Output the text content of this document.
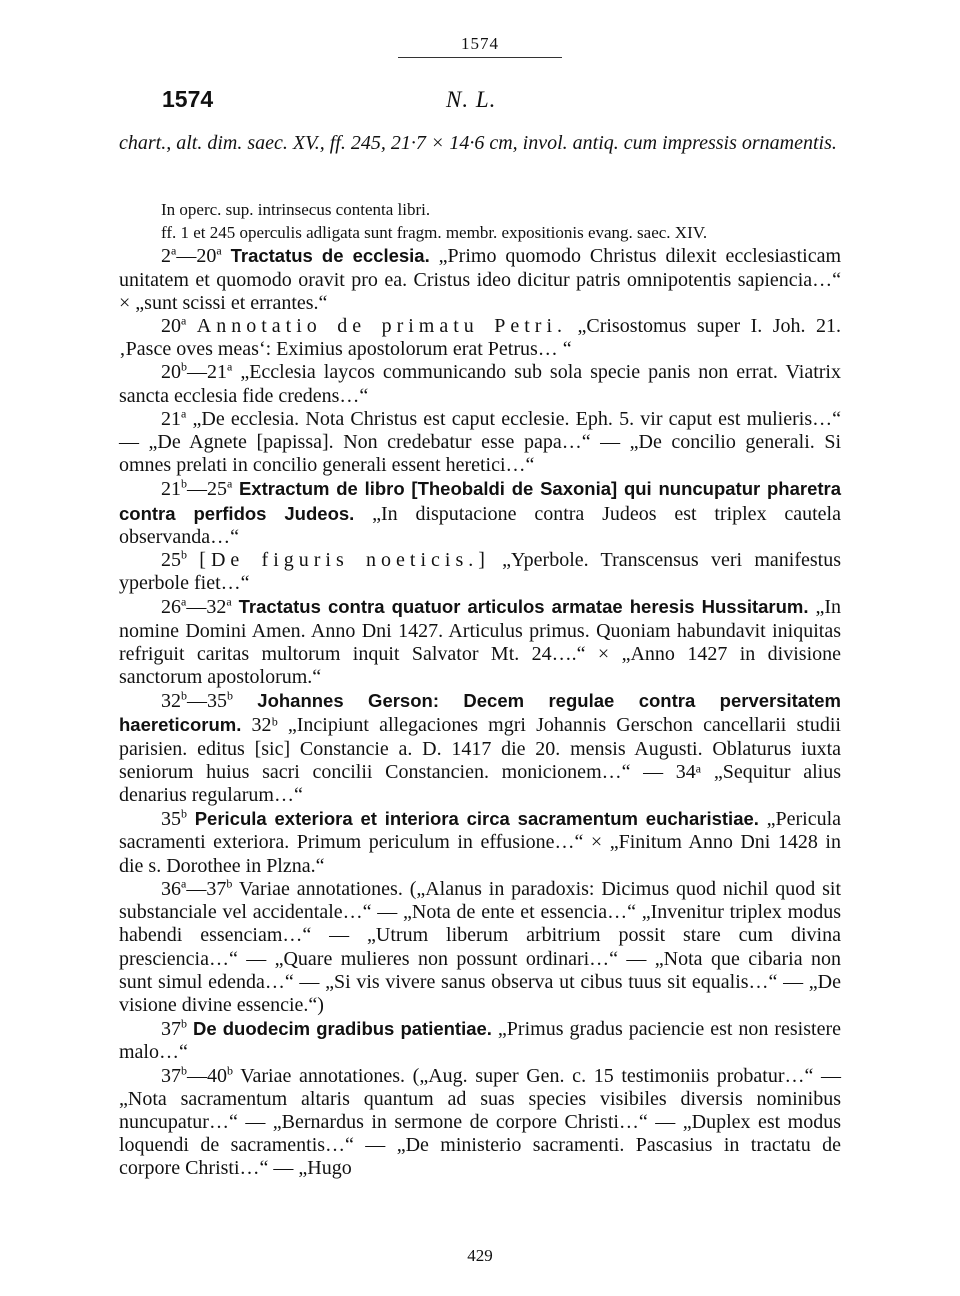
1574
1574	N. L.
chart., alt. dim. saec. XV., ff. 245, 21·7 × 14·6 cm, invol. antiq. cum impressis ornamentis.

In operc. sup. intrinsecus contenta libri.

ff. 1 et 245 operculis adligata sunt fragm. membr. expositionis evang. saec. XIV.

2$^a$—20$^a$ Tractatus de ecclesia. „Primo quomodo Christus dilexit ecclesiasticam unitatem et quomodo oravit pro ea. Cristus ideo dicitur patris omnipotentis sapiencia…“ × „sunt scissi et errantes.“

20$^a$ Annotatio de primatu Petri. „Crisostomus super I. Joh. 21. ‚Pasce oves meas‘: Eximius apostolorum erat Petrus… “

20$^b$—21$^a$ „Ecclesia laycos communicando sub sola specie panis non errat. Viatrix sancta ecclesia fide credens…“

21$^a$ „De ecclesia. Nota Christus est caput ecclesie. Eph. 5. vir caput est mulieris…“ — „De Agnete [papissa]. Non credebatur esse papa…“ — „De concilio generali. Si omnes prelati in concilio generali essent heretici…“

21$^b$—25$^a$ Extractum de libro [Theobaldi de Saxonia] qui nuncupatur pharetra contra perfidos Judeos. „In disputacione contra Judeos est triplex cautela observanda…“

25$^b$ [De figuris noeticis.] „Yperbole. Transcensus veri manifestus yperbole fiet…“

26$^a$—32$^a$ Tractatus contra quatuor articulos armatae heresis Hussitarum. „In nomine Domini Amen. Anno Dni 1427. Articulus primus. Quoniam habundavit iniquitas refriguit caritas multorum inquit Salvator Mt. 24….“ × „Anno 1427 in divisione sanctorum apostolorum.“

32$^b$—35$^b$ Johannes Gerson: Decem regulae contra perversitatem haereticorum. 32ᵇ „Incipiunt allegaciones mgri Johannis Gerschon cancellarii studii parisien. editus [sic] Constancie a. D. 1417 die 20. mensis Augusti. Oblaturus iuxta seniorum huius sacri concilii Constancien. monicionem…“ — 34ᵃ „Sequitur alius denarius regularum…“

35$^b$ Pericula exteriora et interiora circa sacramentum eucharistiae. „Pericula sacramenti exteriora. Primum periculum in effusione…“ × „Finitum Anno Dni 1428 in die s. Dorothee in Plzna.“

36$^a$—37$^b$ Variae annotationes. („Alanus in paradoxis: Dicimus quod nichil quod sit substanciale vel accidentale…“ — „Nota de ente et essencia…“ „Invenitur triplex modus habendi essenciam…“ — „Utrum liberum arbitrium possit stare cum divina presciencia…“ — „Quare mulieres non possunt ordinari…“ — „Nota que cibaria non sunt simul edenda…“ — „Si vis vivere sanus observa ut cibus tuus sit equalis…“ — „De visione divine essencie.“)

37$^b$ De duodecim gradibus patientiae. „Primus gradus paciencie est non resistere malo…“

37$^b$—40$^b$ Variae annotationes. („Aug. super Gen. c. 15 testimoniis probatur…“ — „Nota sacramentum altaris quantum ad suas species visibiles diversis nominibus nuncupatur…“ — „Bernardus in sermone de corpore Christi…“ — „Duplex est modus loquendi de sacramentis…“ — „De ministerio sacramenti. Pascasius in tractatu de corpore Christi…“ — „Hugo

429
